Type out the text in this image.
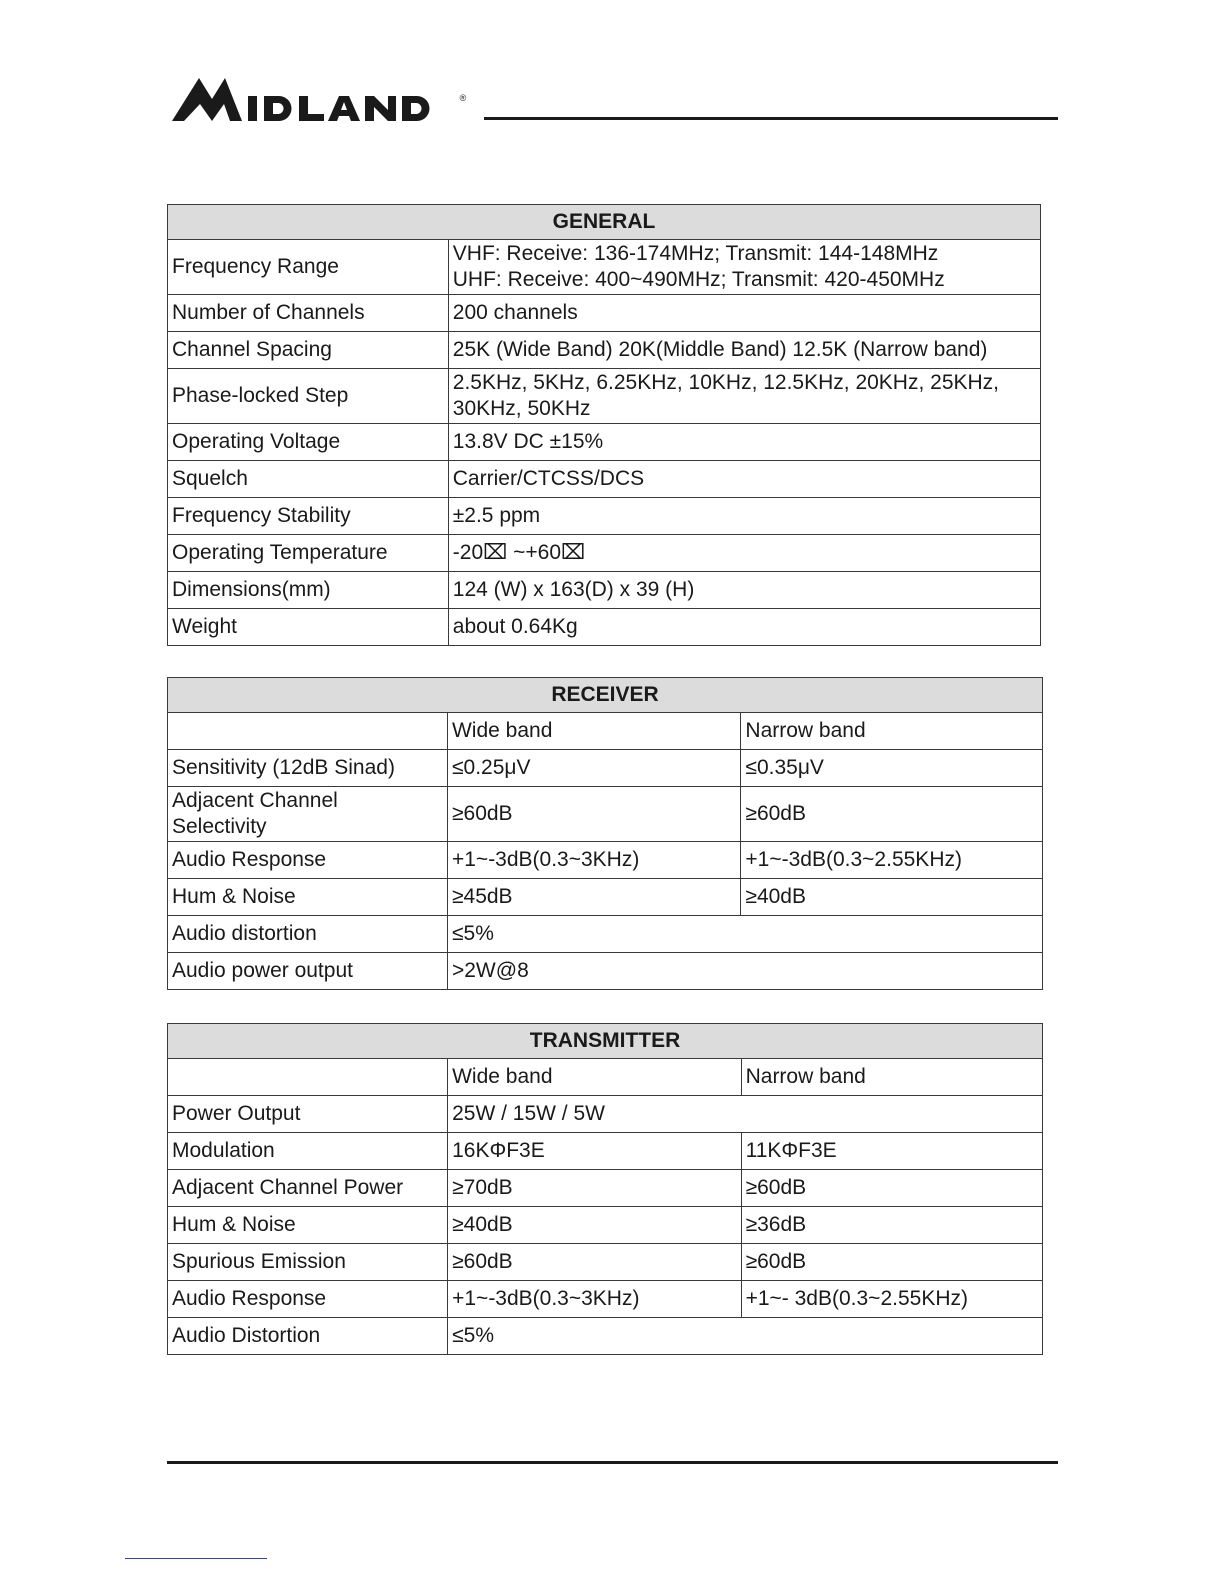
®
GENERAL	
Frequency Range	VHF: Receive: 136-174MHz; Transmit: 144-148MHz
UHF: Receive: 400~490MHz; Transmit: 420-450MHz

Number of Channels	200 channels
Channel Spacing	25K (Wide Band) 20K(Middle Band) 12.5K (Narrow band)
Phase-locked Step	2.5KHz, 5KHz, 6.25KHz, 10KHz, 12.5KHz, 20KHz, 25KHz,
30KHz, 50KHz

Operating Voltage	13.8V DC ±15%
Squelch	Carrier/CTCSS/DCS
Frequency Stability	±2.5 ppm
Operating Temperature	-20⌧ ~+60⌧
Dimensions(mm)	124 (W) x 163(D) x 39 (H)
Weight	about 0.64Kg
RECEIVER		
	Wide band	Narrow band
Sensitivity (12dB Sinad)	≤0.25μV	≤0.35μV

Adjacent Channel
Selectivity	≥60dB	≥60dB
Audio Response	+1~-3dB(0.3~3KHz)	+1~-3dB(0.3~2.55KHz)
Hum & Noise	≥45dB	≥40dB
Audio distortion	≤5%	
Audio power output	>2W@8	
TRANSMITTER		
	Wide band	Narrow band
Power Output	25W / 15W / 5W	
Modulation	16KΦF3E	11KΦF3E
Adjacent Channel Power	≥70dB	≥60dB
Hum & Noise	≥40dB	≥36dB
Spurious Emission	≥60dB	≥60dB
Audio Response	+1~-3dB(0.3~3KHz)	+1~- 3dB(0.3~2.55KHz)
Audio Distortion	≤5%	
